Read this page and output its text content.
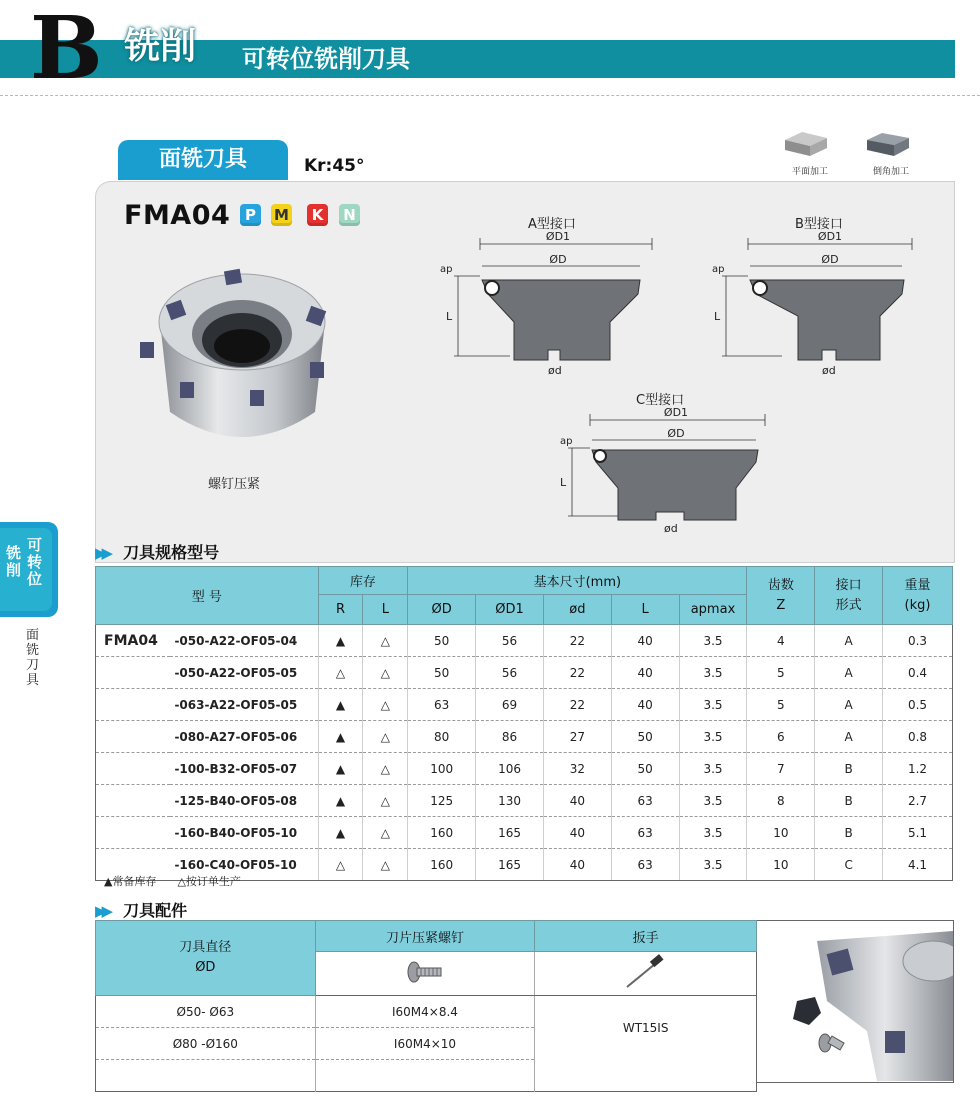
B 铣削 可转位铣削刀具
面铣刀具	Kr:45°	平面加工	倒角加工
FMA04 P	M	K	N
螺钉压紧
A型接口
ØD1
ØD
ap
L
ød
B型接口
ØD1
ØD
ap
L
ød
C型接口
ØD1
ØD
ap
L
ød
▶▶ 刀具规格型号
型 号		库存		基本尺寸(mm)					齿数
Z	接口
形式	重量
(kg)
		R	L	ØD	ØD1	ød	L	apmax			
FMA04	-050-A22-OF05-04	▲	△	50	56	22	40	3.5	4	A	0.3
	-050-A22-OF05-05	△	△	50	56	22	40	3.5	5	A	0.4
	-063-A22-OF05-05	▲	△	63	69	22	40	3.5	5	A	0.5
	-080-A27-OF05-06	▲	△	80	86	27	50	3.5	6	A	0.8
	-100-B32-OF05-07	▲	△	100	106	32	50	3.5	7	B	1.2
	-125-B40-OF05-08	▲	△	125	130	40	63	3.5	8	B	2.7
	-160-B40-OF05-10	▲	△	160	165	40	63	3.5	10	B	5.1
	-160-C40-OF05-10	△	△	160	165	40	63	3.5	10	C	4.1
▲常备库存      △按订单生产
▶▶ 刀具配件
刀具直径
ØD	刀片压紧螺钉	扳手

Ø50- Ø63	I60M4×8.4	WT15IS
Ø80 -Ø160	I60M4×10	

铣削
可转位
面铣刀具
